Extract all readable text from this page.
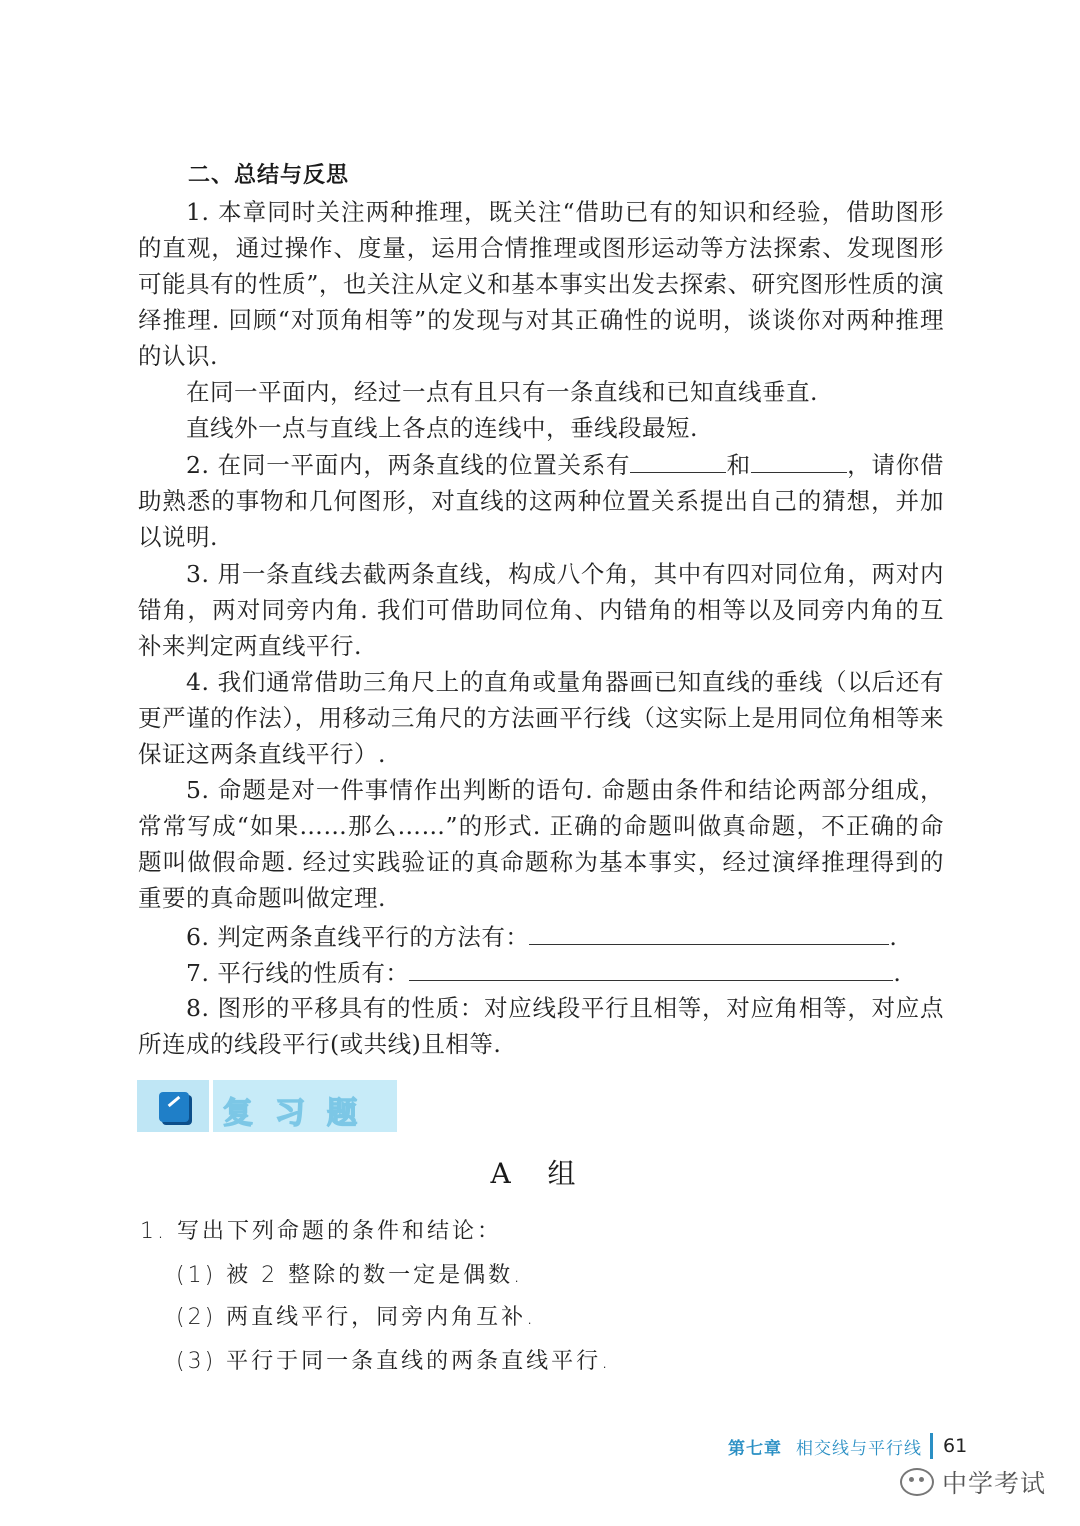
二、总结与反思

1. 本章同时关注两种推理，既关注“借助已有的知识和经验，借助图形的直观，通过操作、度量，运用合情推理或图形运动等方法探索、发现图形可能具有的性质”，也关注从定义和基本事实出发去探索、研究图形性质的演绎推理. 回顾“对顶角相等”的发现与对其正确性的说明，谈谈你对两种推理的认识.

在同一平面内，经过一点有且只有一条直线和已知直线垂直.

直线外一点与直线上各点的连线中，垂线段最短.

2. 在同一平面内，两条直线的位置关系有	和	，请你借助熟悉的事物和几何图形，对直线的这两种位置关系提出自己的猜想，并加以说明.

3. 用一条直线去截两条直线，构成八个角，其中有四对同位角，两对内错角，两对同旁内角. 我们可借助同位角、内错角的相等以及同旁内角的互补来判定两直线平行.

4. 我们通常借助三角尺上的直角或量角器画已知直线的垂线（以后还有更严谨的作法），用移动三角尺的方法画平行线（这实际上是用同位角相等来保证这两条直线平行）.

5. 命题是对一件事情作出判断的语句. 命题由条件和结论两部分组成，常常写成“如果……那么……”的形式. 正确的命题叫做真命题，不正确的命题叫做假命题. 经过实践验证的真命题称为基本事实，经过演绎推理得到的重要的真命题叫做定理.

6. 判定两条直线平行的方法有：	.

7. 平行线的性质有：	.

8. 图形的平移具有的性质：对应线段平行且相等，对应角相等，对应点所连成的线段平行(或共线)且相等.

复习题
A 组
1. 写出下列命题的条件和结论：
(1) 被 2 整除的数一定是偶数.
(2) 两直线平行，同旁内角互补.
(3) 平行于同一条直线的两条直线平行.
第七章 相交线与平行线 61
中学考试
